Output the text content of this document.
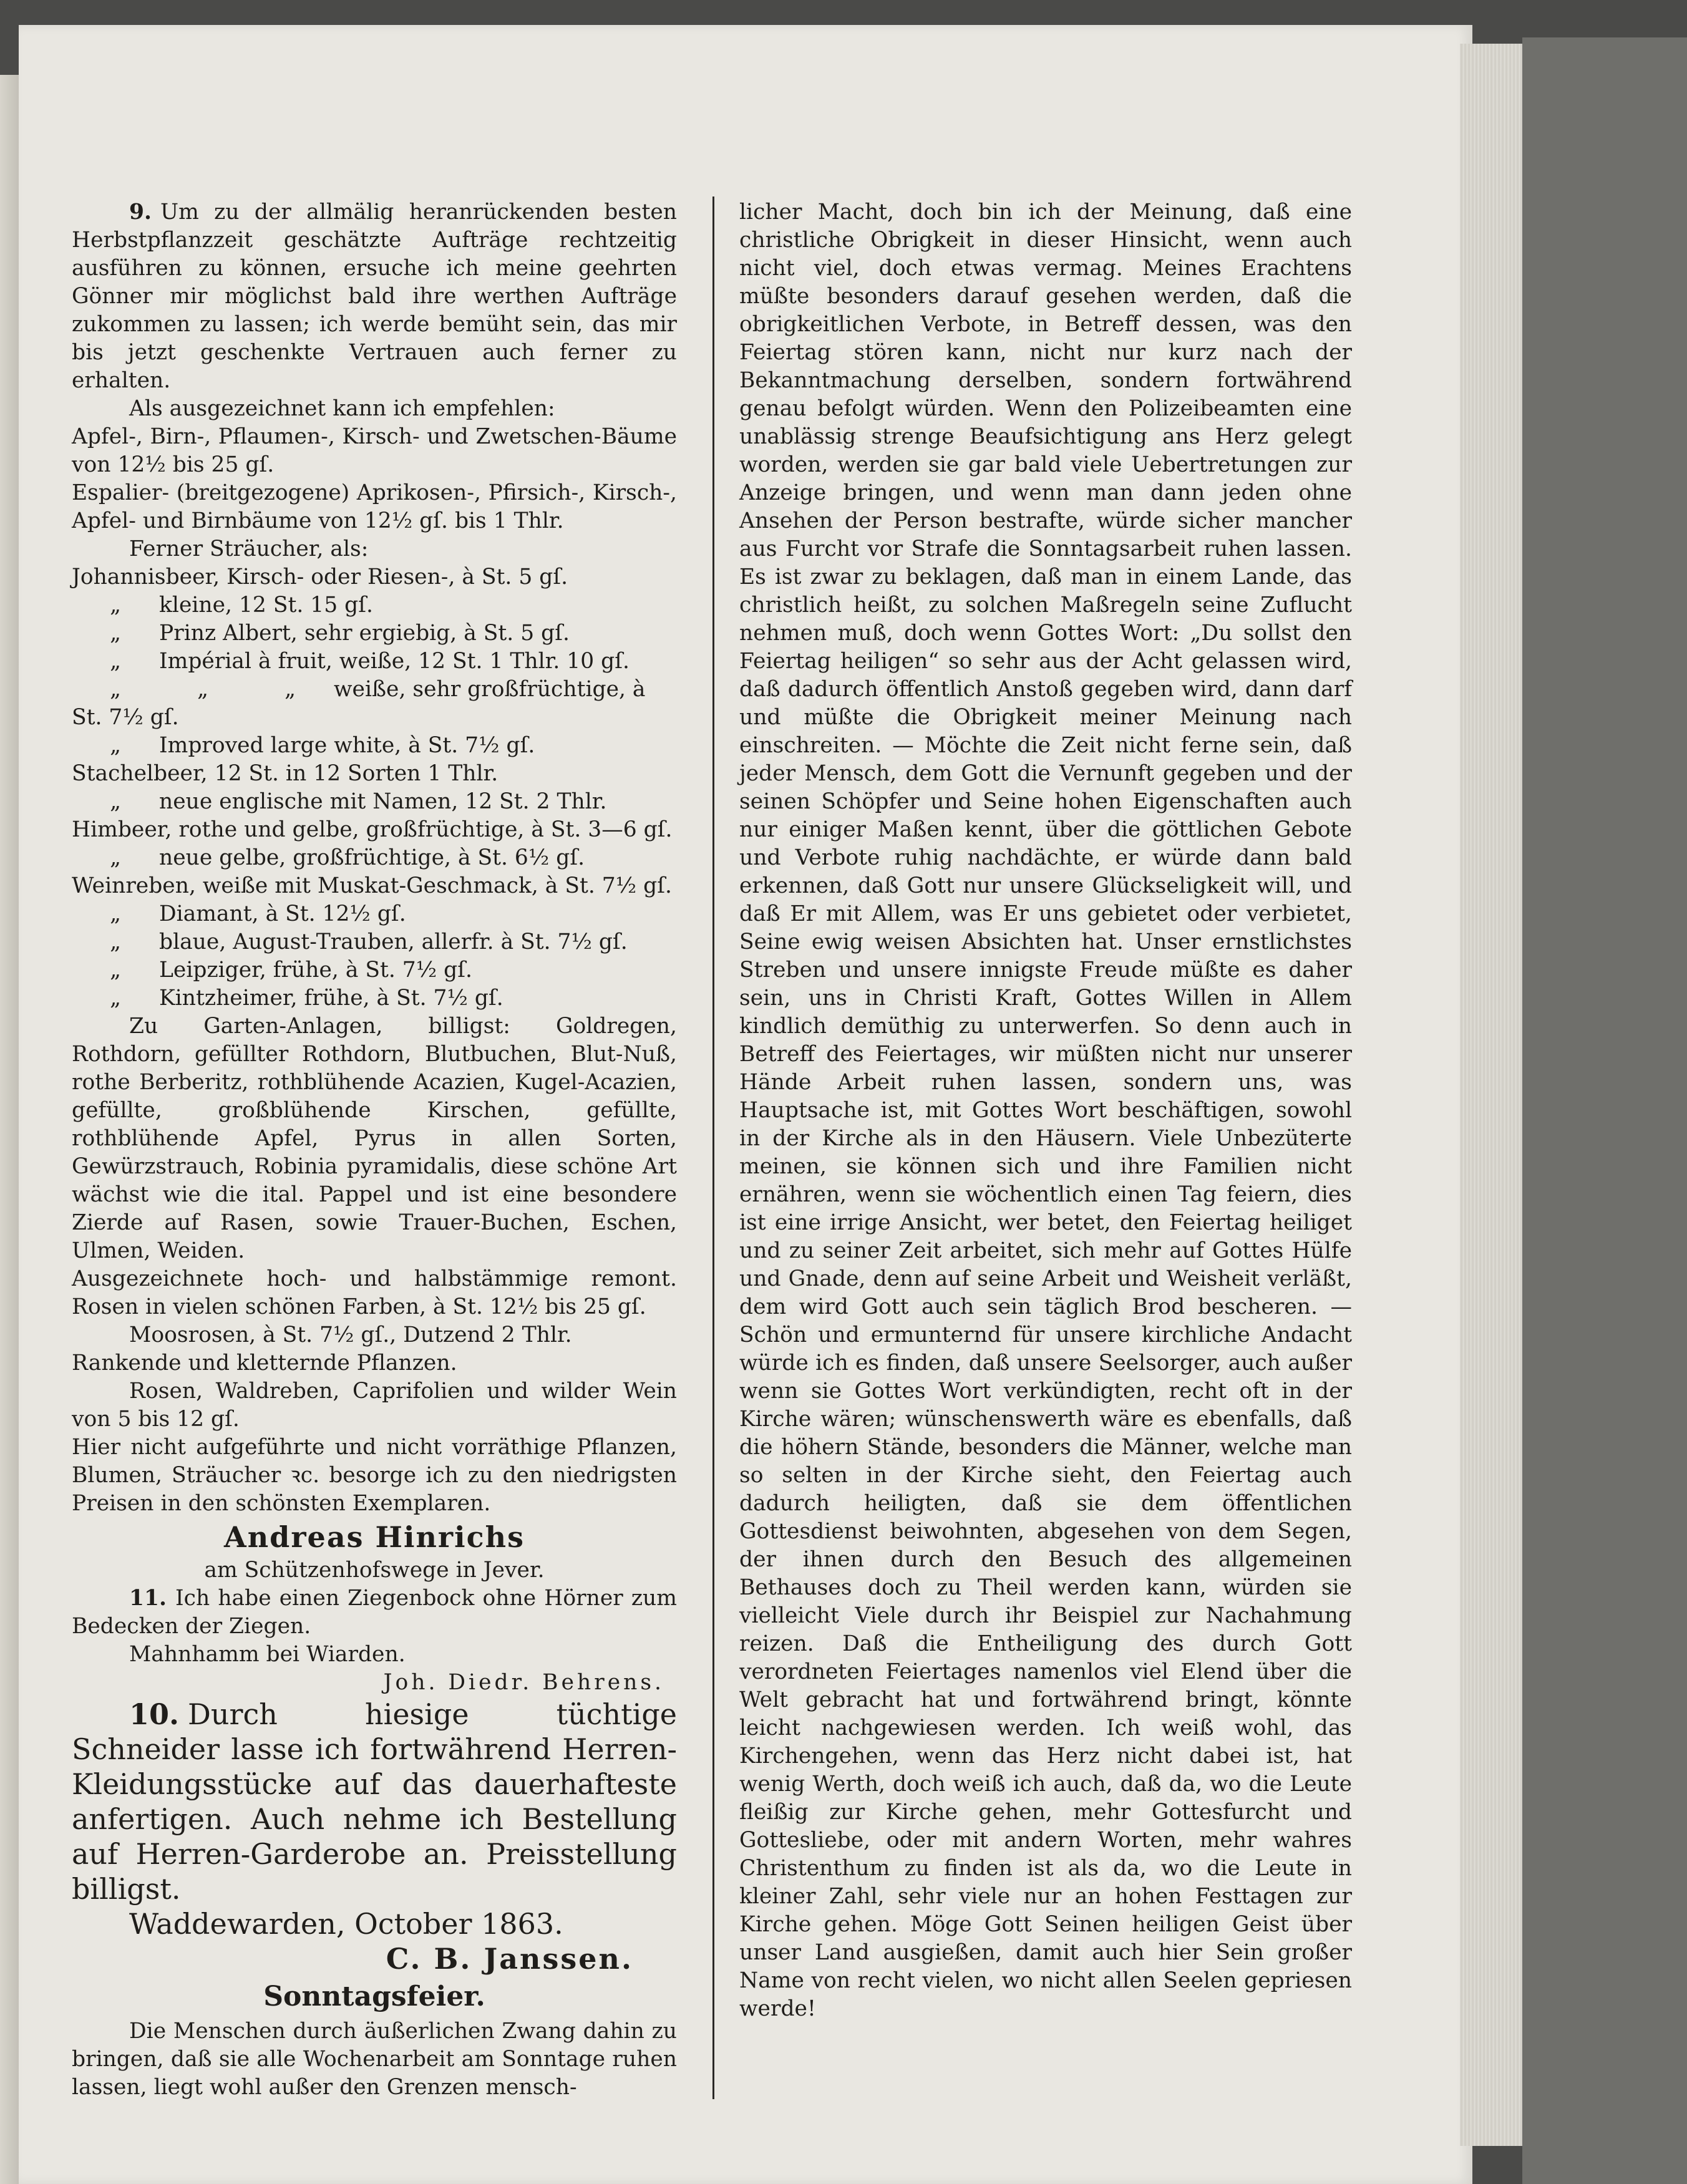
9. Um zu der allmälig heranrückenden besten Herbstpflanzzeit geschätzte Aufträge rechtzeitig ausführen zu können, ersuche ich meine geehrten Gönner mir möglichst bald ihre werthen Aufträge zukommen zu lassen; ich werde bemüht sein, das mir bis jetzt geschenkte Vertrauen auch ferner zu erhalten.

Als ausgezeichnet kann ich empfehlen:

Apfel-, Birn-, Pflaumen-, Kirsch- und Zwetschen-Bäume von 12½ bis 25 gſ.

Espalier- (breitgezogene) Aprikosen-, Pfirsich-, Kirsch-, Apfel- und Birnbäume von 12½ gſ. bis 1 Thlr.

Ferner Sträucher, als:

Johannisbeer, Kirsch- oder Riesen-, à St. 5 gſ.

„ kleine, 12 St. 15 gſ.

„ Prinz Albert, sehr ergiebig, à St. 5 gſ.

„ Impérial à fruit, weiße, 12 St. 1 Thlr. 10 gſ.

„	„	„ weiße, sehr großfrüchtige, à St. 7½ gſ.

„ Improved large white, à St. 7½ gſ.

Stachelbeer, 12 St. in 12 Sorten 1 Thlr.

„ neue englische mit Namen, 12 St. 2 Thlr.

Himbeer, rothe und gelbe, großfrüchtige, à St. 3—6 gſ.

„ neue gelbe, großfrüchtige, à St. 6½ gſ.

Weinreben, weiße mit Muskat-Geschmack, à St. 7½ gſ.

„ Diamant, à St. 12½ gſ.

„ blaue, August-Trauben, allerfr. à St. 7½ gſ.

„ Leipziger, frühe, à St. 7½ gſ.

„ Kintzheimer, frühe, à St. 7½ gſ.

Zu Garten-Anlagen, billigst: Goldregen, Rothdorn, gefüllter Rothdorn, Blutbuchen, Blut-Nuß, rothe Berberitz, rothblühende Acazien, Kugel-Acazien, gefüllte, großblühende Kirschen, gefüllte, rothblühende Apfel, Pyrus in allen Sorten, Gewürzstrauch, Robinia pyramidalis, diese schöne Art wächst wie die ital. Pappel und ist eine besondere Zierde auf Rasen, sowie Trauer-Buchen, Eschen, Ulmen, Weiden.

Ausgezeichnete hoch- und halbstämmige remont. Rosen in vielen schönen Farben, à St. 12½ bis 25 gſ.

Moosrosen, à St. 7½ gſ., Dutzend 2 Thlr.

Rankende und kletternde Pflanzen.

Rosen, Waldreben, Caprifolien und wilder Wein von 5 bis 12 gſ.

Hier nicht aufgeführte und nicht vorräthige Pflanzen, Blumen, Sträucher ꝛc. besorge ich zu den niedrigsten Preisen in den schönsten Exemplaren.

Andreas Hinrichs

am Schützenhofswege in Jever.

11. Ich habe einen Ziegenbock ohne Hörner zum Bedecken der Ziegen.

Mahnhamm bei Wiarden.

Joh. Diedr. Behrens.

10. Durch hiesige tüchtige Schneider lasse ich fortwährend Herren-Kleidungsstücke auf das dauerhafteste anfertigen. Auch nehme ich Bestellung auf Herren-Garderobe an. Preisstellung billigst.

Waddewarden, October 1863.

C. B. Janssen.

Sonntagsfeier.

Die Menschen durch äußerlichen Zwang dahin zu bringen, daß sie alle Wochenarbeit am Sonntage ruhen lassen, liegt wohl außer den Grenzen mensch-

licher Macht, doch bin ich der Meinung, daß eine christliche Obrigkeit in dieser Hinsicht, wenn auch nicht viel, doch etwas vermag. Meines Erachtens müßte besonders darauf gesehen werden, daß die obrigkeitlichen Verbote, in Betreff dessen, was den Feiertag stören kann, nicht nur kurz nach der Bekanntmachung derselben, sondern fortwährend genau befolgt würden. Wenn den Polizeibeamten eine unablässig strenge Beaufsichtigung ans Herz gelegt worden, werden sie gar bald viele Uebertretungen zur Anzeige bringen, und wenn man dann jeden ohne Ansehen der Person bestrafte, würde sicher mancher aus Furcht vor Strafe die Sonntagsarbeit ruhen lassen. Es ist zwar zu beklagen, daß man in einem Lande, das christlich heißt, zu solchen Maßregeln seine Zuflucht nehmen muß, doch wenn Gottes Wort: „Du sollst den Feiertag heiligen“ so sehr aus der Acht gelassen wird, daß dadurch öffentlich Anstoß gegeben wird, dann darf und müßte die Obrigkeit meiner Meinung nach einschreiten. — Möchte die Zeit nicht ferne sein, daß jeder Mensch, dem Gott die Vernunft gegeben und der seinen Schöpfer und Seine hohen Eigenschaften auch nur einiger Maßen kennt, über die göttlichen Gebote und Verbote ruhig nachdächte, er würde dann bald erkennen, daß Gott nur unsere Glückseligkeit will, und daß Er mit Allem, was Er uns gebietet oder verbietet, Seine ewig weisen Absichten hat. Unser ernstlichstes Streben und unsere innigste Freude müßte es daher sein, uns in Christi Kraft, Gottes Willen in Allem kindlich demüthig zu unterwerfen. So denn auch in Betreff des Feiertages, wir müßten nicht nur unserer Hände Arbeit ruhen lassen, sondern uns, was Hauptsache ist, mit Gottes Wort beschäftigen, sowohl in der Kirche als in den Häusern. Viele Unbezüterte meinen, sie können sich und ihre Familien nicht ernähren, wenn sie wöchentlich einen Tag feiern, dies ist eine irrige Ansicht, wer betet, den Feiertag heiliget und zu seiner Zeit arbeitet, sich mehr auf Gottes Hülfe und Gnade, denn auf seine Arbeit und Weisheit verläßt, dem wird Gott auch sein täglich Brod bescheren. — Schön und ermunternd für unsere kirchliche Andacht würde ich es finden, daß unsere Seelsorger, auch außer wenn sie Gottes Wort verkündigten, recht oft in der Kirche wären; wünschenswerth wäre es ebenfalls, daß die höhern Stände, besonders die Männer, welche man so selten in der Kirche sieht, den Feiertag auch dadurch heiligten, daß sie dem öffentlichen Gottesdienst beiwohnten, abgesehen von dem Segen, der ihnen durch den Besuch des allgemeinen Bethauses doch zu Theil werden kann, würden sie vielleicht Viele durch ihr Beispiel zur Nachahmung reizen. Daß die Entheiligung des durch Gott verordneten Feiertages namenlos viel Elend über die Welt gebracht hat und fortwährend bringt, könnte leicht nachgewiesen werden. Ich weiß wohl, das Kirchengehen, wenn das Herz nicht dabei ist, hat wenig Werth, doch weiß ich auch, daß da, wo die Leute fleißig zur Kirche gehen, mehr Gottesfurcht und Gottesliebe, oder mit andern Worten, mehr wahres Christenthum zu finden ist als da, wo die Leute in kleiner Zahl, sehr viele nur an hohen Festtagen zur Kirche gehen. Möge Gott Seinen heiligen Geist über unser Land ausgießen, damit auch hier Sein großer Name von recht vielen, wo nicht allen Seelen gepriesen werde!
